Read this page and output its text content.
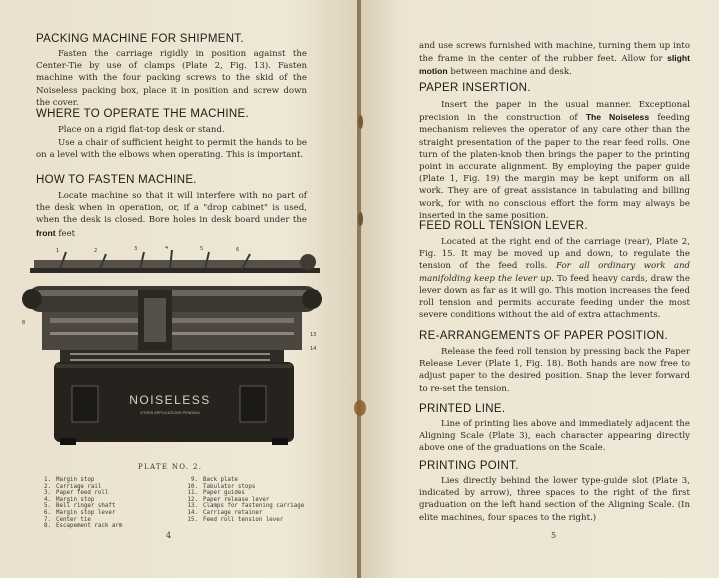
PACKING MACHINE FOR SHIPMENT.

Fasten the carriage rigidly in position against the Center-Tie by use of clamps (Plate 2, Fig. 13). Fasten machine with the four packing screws to the skid of the Noiseless packing box, place it in position and screw down the cover.

WHERE TO OPERATE THE MACHINE.

Place on a rigid flat-top desk or stand.

Use a chair of sufficient height to permit the hands to be on a level with the elbows when operating. This is important.

HOW TO FASTEN MACHINE.

Locate machine so that it will interfere with no part of the desk when in operation, or, if a "drop cabinet" is used, when the desk is closed. Bore holes in desk board under the front feet

NOISELESS
OTHER APPLICATIONS PENDING
1	2	3	4	5	6
8
13
14
PLATE NO. 2.
1. Margin stop
2. Carriage rail
3. Paper feed roll
4. Margin stop
5. Bell ringer shaft
6. Margin stop lever
7. Center tie
8. Escapement rack arm
9. Back plate
10. Tabulator stops
11. Paper guides
12. Paper release lever
13. Clamps for fastening carriage
14. Carriage retainer
15. Feed roll tension lever
4

and use screws furnished with machine, turning them up into the frame in the center of the rubber feet. Allow for slight motion between machine and desk.

PAPER INSERTION.

Insert the paper in the usual manner. Exceptional precision in the construction of The Noiseless feeding mechanism relieves the operator of any care other than the straight presentation of the paper to the rear feed rolls. One turn of the platen-knob then brings the paper to the printing point in accurate alignment. By employing the paper guide (Plate 1, Fig. 19) the margin may be kept uniform on all work. They are of great assistance in tabulating and billing work, for with no conscious effort the form may always be inserted in the same position.

FEED ROLL TENSION LEVER.

Located at the right end of the carriage (rear), Plate 2, Fig. 15. It may be moved up and down, to regulate the tension of the feed rolls. For all ordinary work and manifolding keep the lever up. To feed heavy cards, draw the lever down as far as it will go. This motion increases the feed roll tension and permits accurate feeding under the most severe conditions without the aid of extra attachments.

RE-ARRANGEMENTS OF PAPER POSITION.

Release the feed roll tension by pressing back the Paper Release Lever (Plate 1, Fig. 18). Both hands are now free to adjust paper to the desired position. Snap the lever forward to re-set the tension.

PRINTED LINE.

Line of printing lies above and immediately adjacent the Aligning Scale (Plate 3), each character appearing directly above one of the graduations on the Scale.

PRINTING POINT.

Lies directly behind the lower type-guide slot (Plate 3, indicated by arrow), three spaces to the right of the first graduation on the left hand section of the Aligning Scale. (In elite machines, four spaces to the right.)

5
